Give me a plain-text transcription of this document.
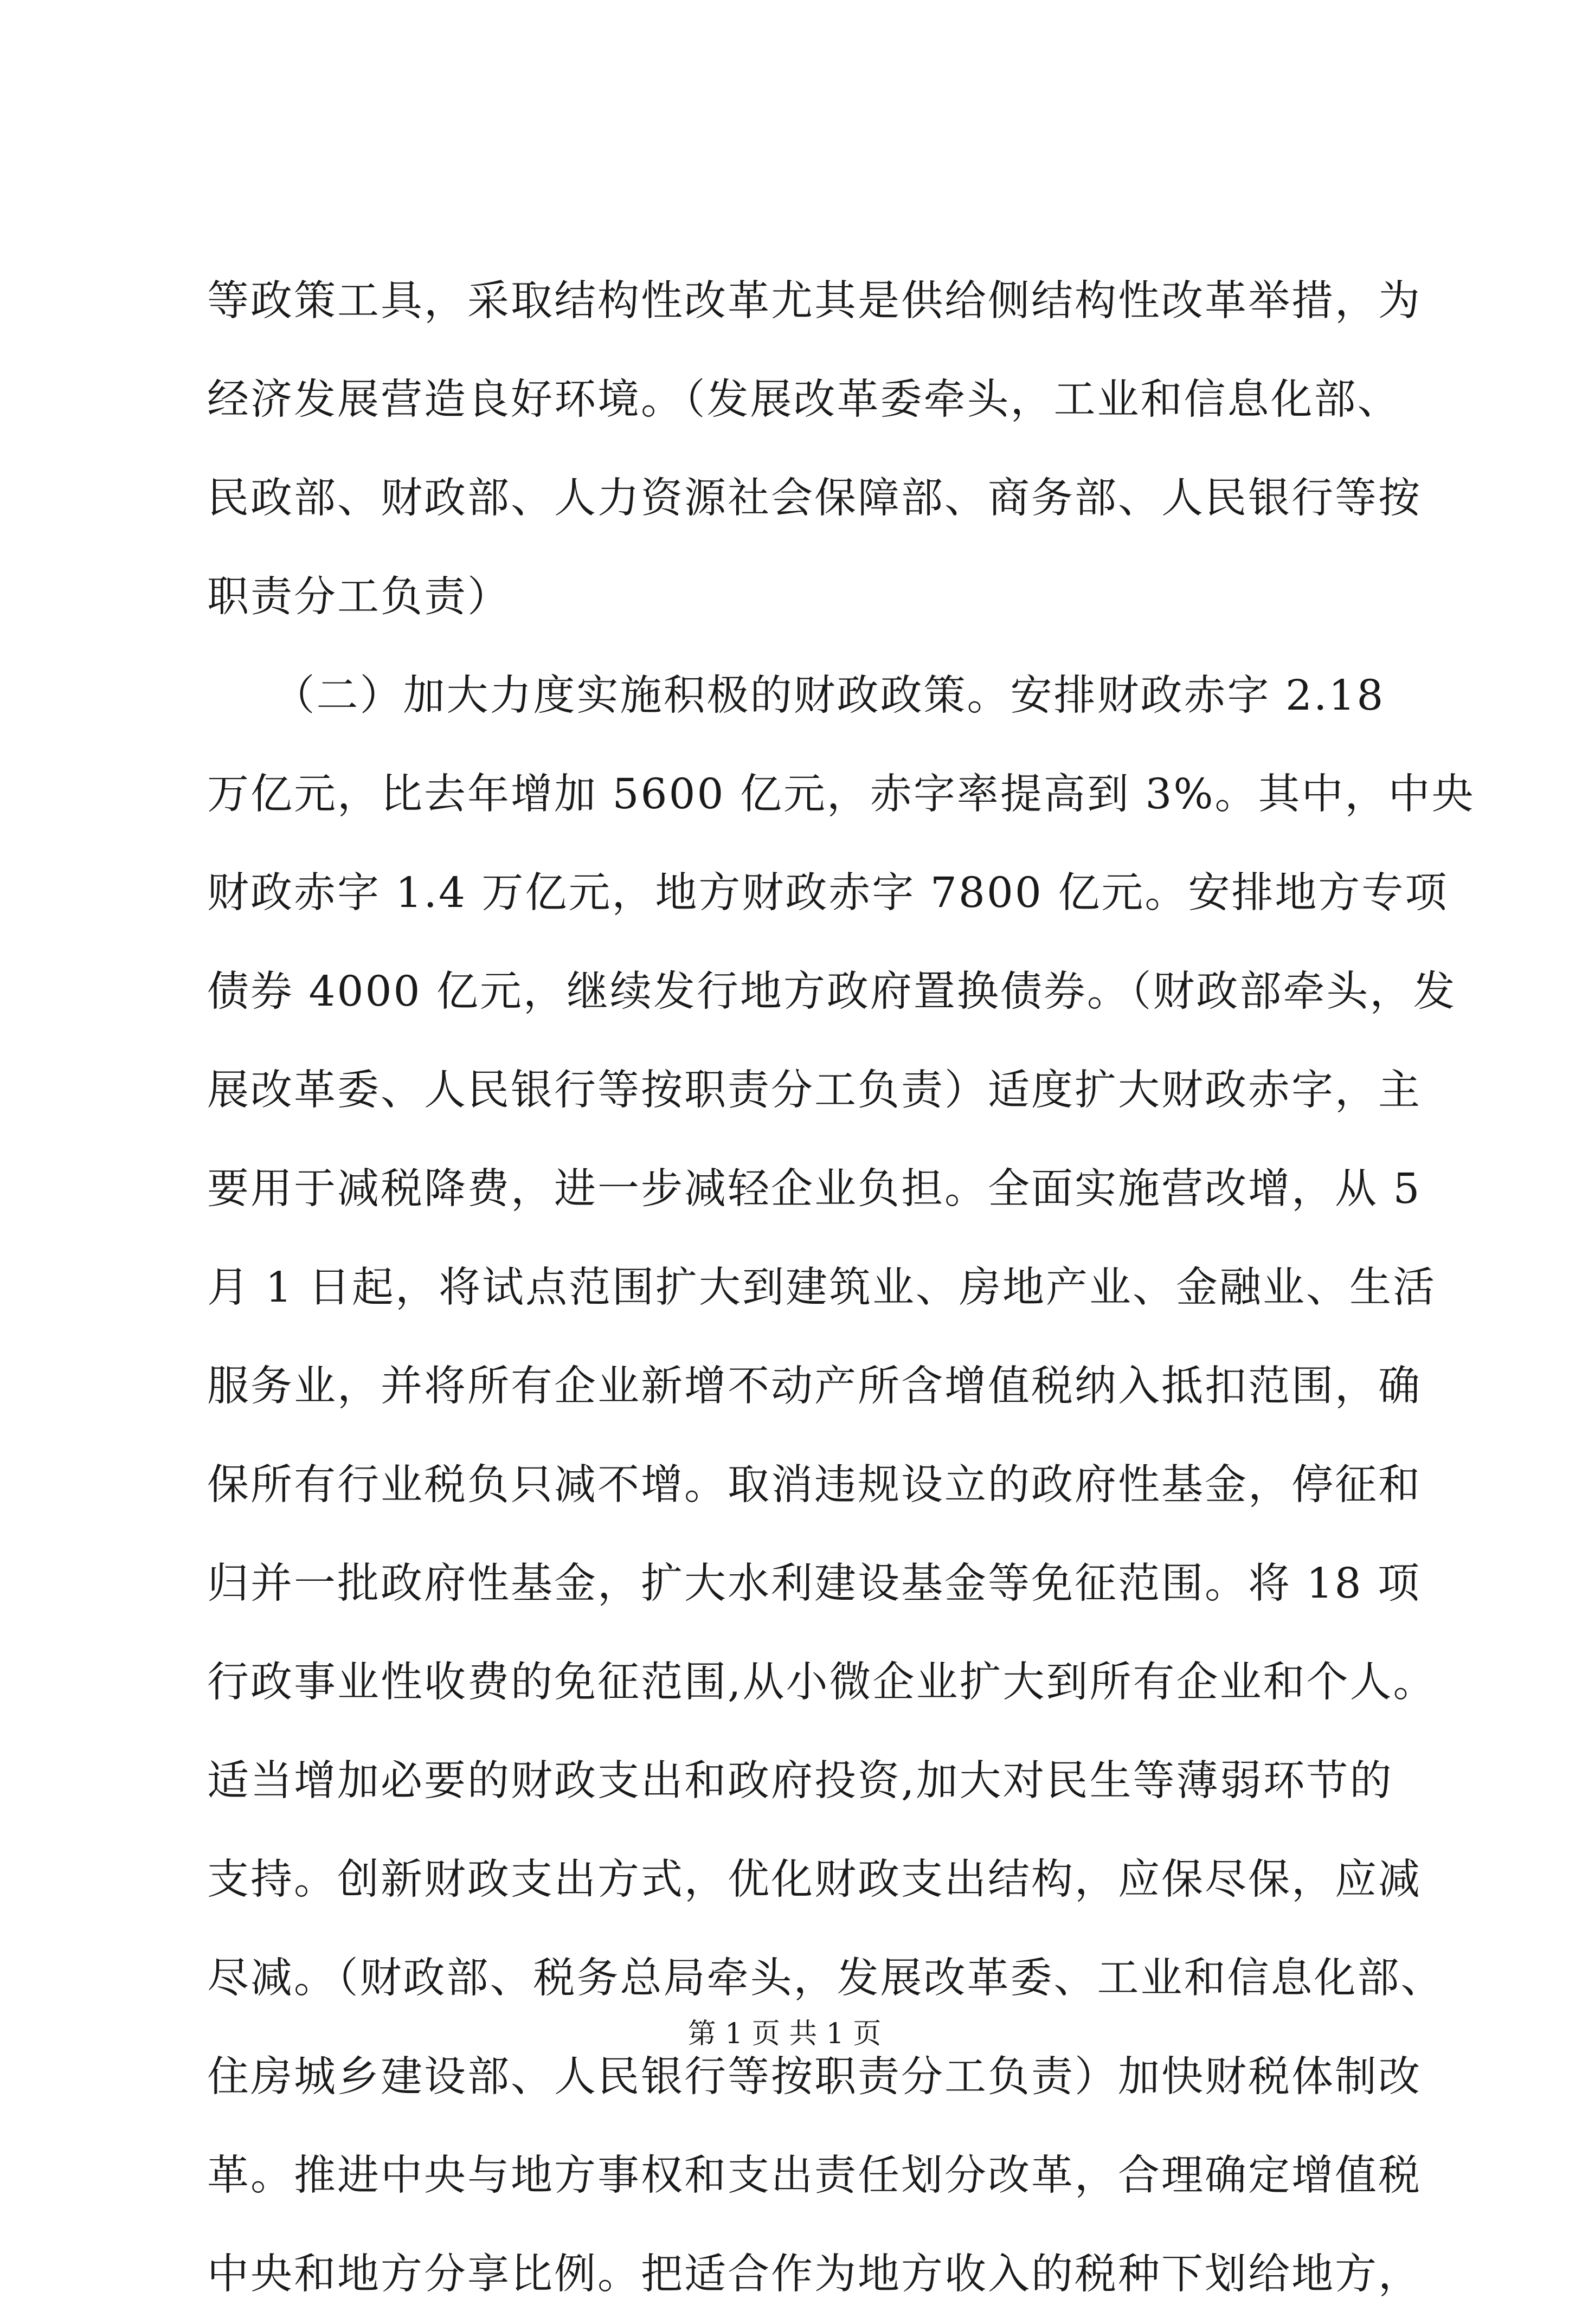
等政策工具，采取结构性改革尤其是供给侧结构性改革举措，为
经济发展营造良好环境。（发展改革委牵头，工业和信息化部、
民政部、财政部、人力资源社会保障部、商务部、人民银行等按
职责分工负责）
　　（二）加大力度实施积极的财政政策。安排财政赤字 2.18
万亿元，比去年增加 5600 亿元，赤字率提高到 3%。其中，中央
财政赤字 1.4 万亿元，地方财政赤字 7800 亿元。安排地方专项
债券 4000 亿元，继续发行地方政府置换债券。（财政部牵头，发
展改革委、人民银行等按职责分工负责）适度扩大财政赤字，主
要用于减税降费，进一步减轻企业负担。全面实施营改增，从 5
月 1 日起，将试点范围扩大到建筑业、房地产业、金融业、生活
服务业，并将所有企业新增不动产所含增值税纳入抵扣范围，确
保所有行业税负只减不增。取消违规设立的政府性基金，停征和
归并一批政府性基金，扩大水利建设基金等免征范围。将 18 项
行政事业性收费的免征范围,从小微企业扩大到所有企业和个人。
适当增加必要的财政支出和政府投资,加大对民生等薄弱环节的
支持。创新财政支出方式，优化财政支出结构，应保尽保，应减
尽减。（财政部、税务总局牵头，发展改革委、工业和信息化部、
住房城乡建设部、人民银行等按职责分工负责）加快财税体制改
革。推进中央与地方事权和支出责任划分改革，合理确定增值税
中央和地方分享比例。把适合作为地方收入的税种下划给地方，
第 1 页 共 1 页
